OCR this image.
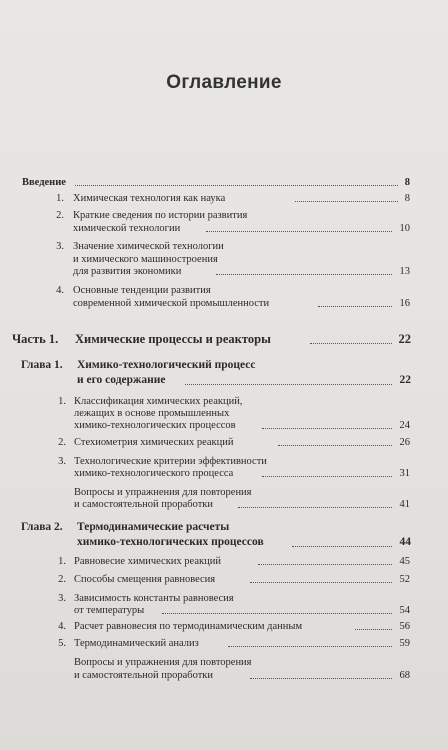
Оглавление
Введение	8
1. Химическая технология как наука	8
2. Краткие сведения по истории развития
химической технологии	10
3. Значение химической технологии
и химического машиностроения
для развития экономики	13
4. Основные тенденции развития
современной химической промышленности	16
Часть 1. Химические процессы и реакторы	22
Глава 1. Химико-технологический процесс
и его содержание	22
1. Классификация химических реакций,
лежащих в основе промышленных
химико-технологических процессов	24
2. Стехиометрия химических реакций	26
3. Технологические критерии эффективности
химико-технологического процесса	31
Вопросы и упражнения для повторения
и самостоятельной проработки	41
Глава 2. Термодинамические расчеты
химико-технологических процессов	44
1. Равновесие химических реакций	45
2. Способы смещения равновесия	52
3. Зависимость константы равновесия
от температуры	54
4. Расчет равновесия по термодинамическим данным	56
5. Термодинамический анализ	59
Вопросы и упражнения для повторения
и самостоятельной проработки	68
